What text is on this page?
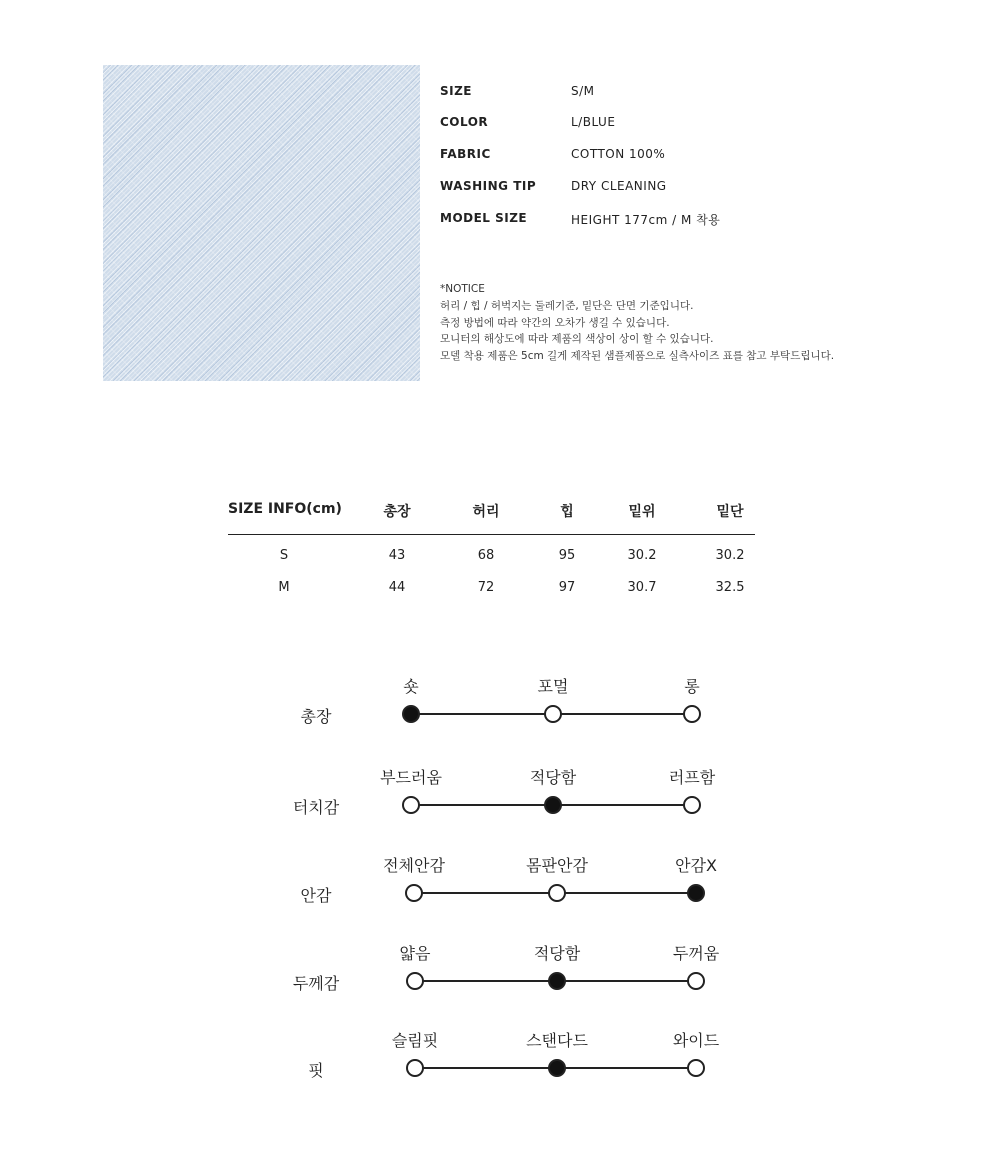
SIZE	S/M
COLOR	L/BLUE
FABRIC	COTTON 100%
WASHING TIP	DRY CLEANING
MODEL SIZE	HEIGHT 177cm / M 착용
*NOTICE
허리 / 힙 / 허벅지는 둘레기준, 밑단은 단면 기준입니다.
측정 방법에 따라 약간의 오차가 생길 수 있습니다.
모니터의 해상도에 따라 제품의 색상이 상이 할 수 있습니다.
모델 착용 제품은 5cm 길게 제작된 샘플제품으로 실측사이즈 표를 참고 부탁드립니다.
SIZE INFO(cm)	총장	허리	힙	밑위	밑단
S	43	68	95	30.2	30.2
M	44	72	97	30.7	32.5
총장
숏	포멀	롱
터치감
부드러움	적당함	러프함
안감
전체안감	몸판안감	안감X
두께감
얇음	적당함	두꺼움
핏
슬림핏	스탠다드	와이드
